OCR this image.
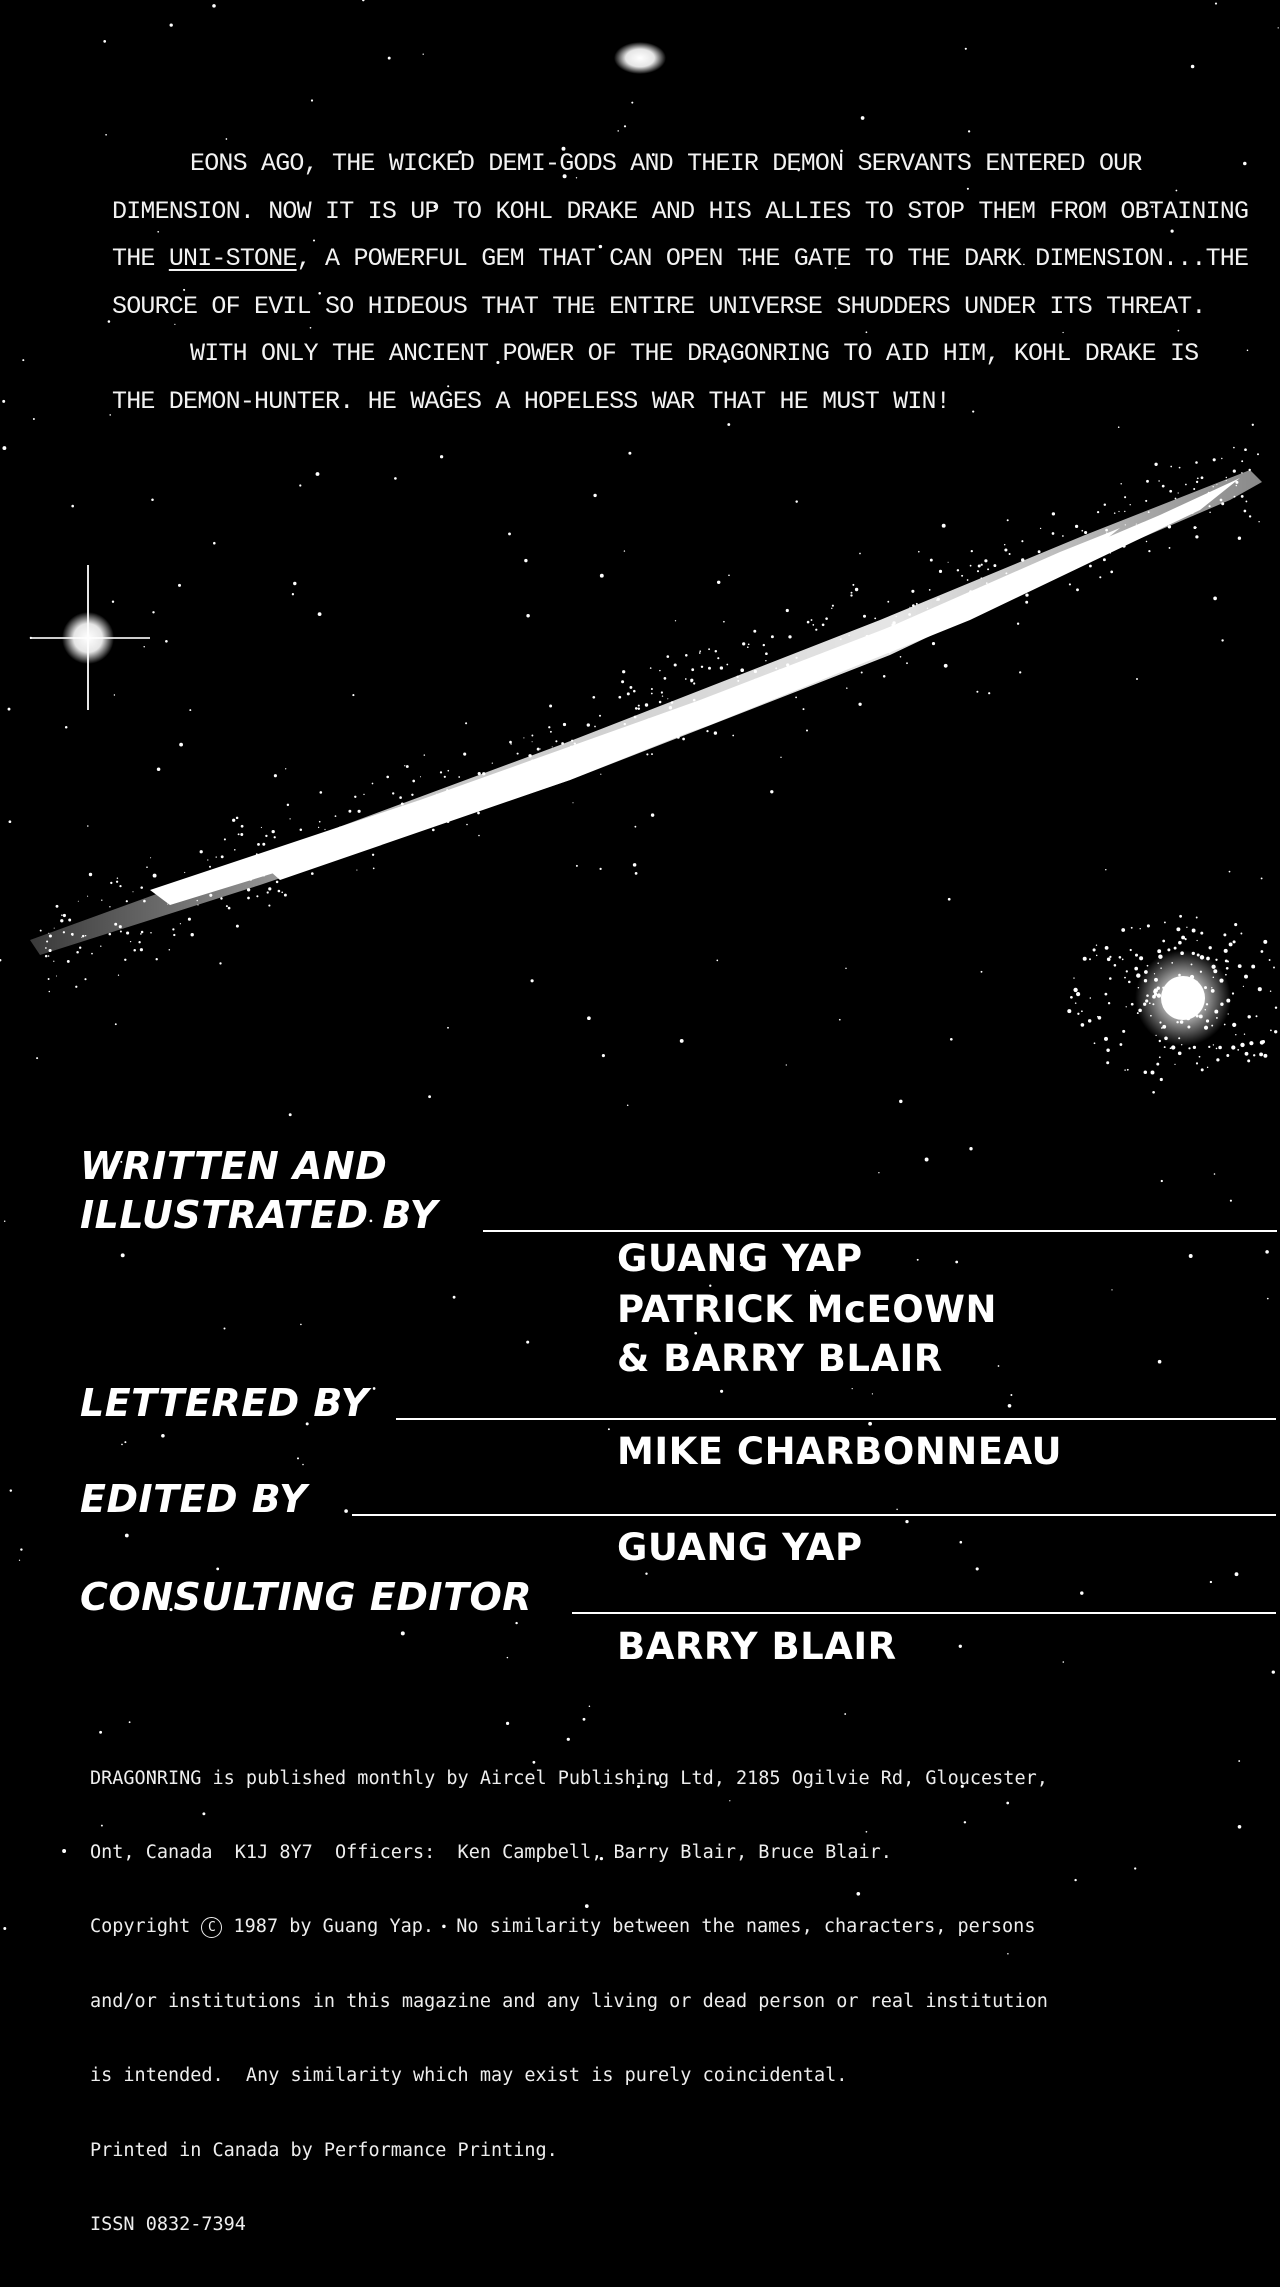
EONS AGO, THE WICKED DEMI-GODS AND THEIR DEMON SERVANTS ENTERED OUR DIMENSION. NOW IT IS UP TO KOHL DRAKE AND HIS ALLIES TO STOP THEM FROM OBTAINING THE UNI-STONE, A POWERFUL GEM THAT CAN OPEN THE GATE TO THE DARK DIMENSION...THE SOURCE OF EVIL SO HIDEOUS THAT THE ENTIRE UNIVERSE SHUDDERS UNDER ITS THREAT.

WITH ONLY THE ANCIENT POWER OF THE DRAGONRING TO AID HIM, KOHL DRAKE IS THE DEMON-HUNTER. HE WAGES A HOPELESS WAR THAT HE MUST WIN!

WRITTEN AND
ILLUSTRATED BY
GUANG YAP
PATRICK McEOWN
& BARRY BLAIR
LETTERED BY
MIKE CHARBONNEAU
EDITED BY
GUANG YAP
CONSULTING EDITOR
BARRY BLAIR

DRAGONRING is published monthly by Aircel Publishing Ltd, 2185 Ogilvie Rd, Gloucester,

Ont, Canada  K1J 8Y7  Officers:  Ken Campbell, Barry Blair, Bruce Blair.

Copyright C 1987 by Guang Yap.  No similarity between the names, characters, persons

and/or institutions in this magazine and any living or dead person or real institution

is intended.  Any similarity which may exist is purely coincidental.

Printed in Canada by Performance Printing.

ISSN 0832-7394
